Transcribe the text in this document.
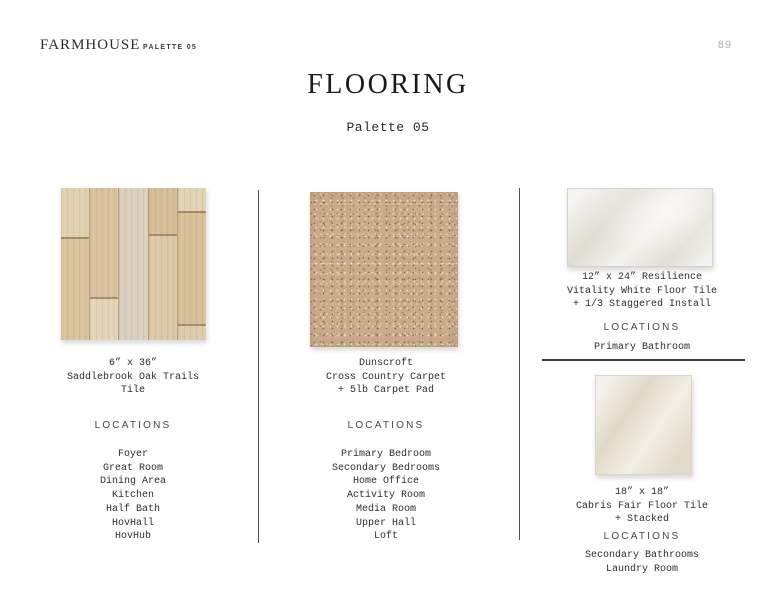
FARMHOUSE PALETTE 05	89
FLOORING
Palette 05
6” x 36”
Saddlebrook Oak Trails
Tile
LOCATIONS
Foyer
Great Room
Dining Area
Kitchen
Half Bath
HovHall
HovHub
Dunscroft
Cross Country Carpet
+ 5lb Carpet Pad
LOCATIONS
Primary Bedroom
Secondary Bedrooms
Home Office
Activity Room
Media Room
Upper Hall
Loft
12” x 24” Resilience
Vitality White Floor Tile
+ 1/3 Staggered Install
LOCATIONS
Primary Bathroom
18” x 18”
Cabris Fair Floor Tile
+ Stacked
LOCATIONS
Secondary Bathrooms
Laundry Room
